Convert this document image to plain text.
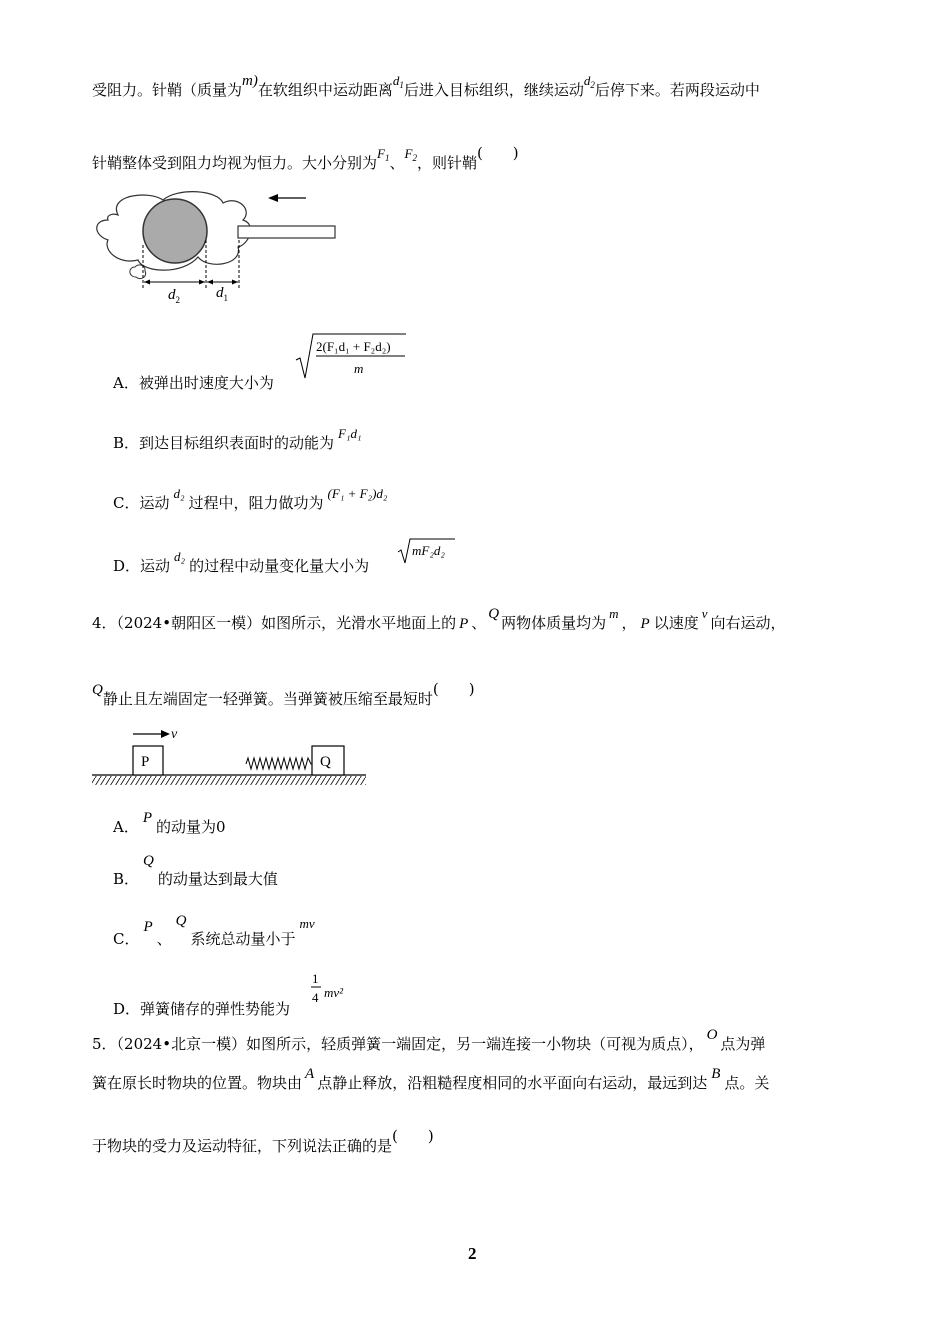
受阻力。针鞘（质量为m)在软组织中运动距离$d_1$后进入目标组织，继续运动$d_2$后停下来。若两段运动中
针鞘整体受到阻力均视为恒力。大小分别为$F_1$、$F_2$，则针鞘(　　)
$d_2$ $d_1$
A．被弹出时速度大小为
2(F₁d₁ + F₂d₂)
m
B．到达目标组织表面时的动能为F₁d₁
C．运动d₂过程中，阻力做功为(F₁ + F₂)d₂
D．运动d₂的过程中动量变化量大小为
mF₂d₂
4．（2024•朝阳区一模）如图所示，光滑水平地面上的 P 、 Q 两物体质量均为m， P 以速度v向右运动，
Q静止且左端固定一轻弹簧。当弹簧被压缩至最短时(　　)
P
v
Q
A． P 的动量为0
B．Q的动量达到最大值
C．P、Q系统总动量小于mv
D．弹簧储存的弹性势能为
1
4 mv²
5．（2024•北京一模）如图所示，轻质弹簧一端固定，另一端连接一小物块（可视为质点）， O 点为弹
簧在原长时物块的位置。物块由 A 点静止释放，沿粗糙程度相同的水平面向右运动，最远到达 B 点。关
于物块的受力及运动特征，下列说法正确的是(　　)
2
